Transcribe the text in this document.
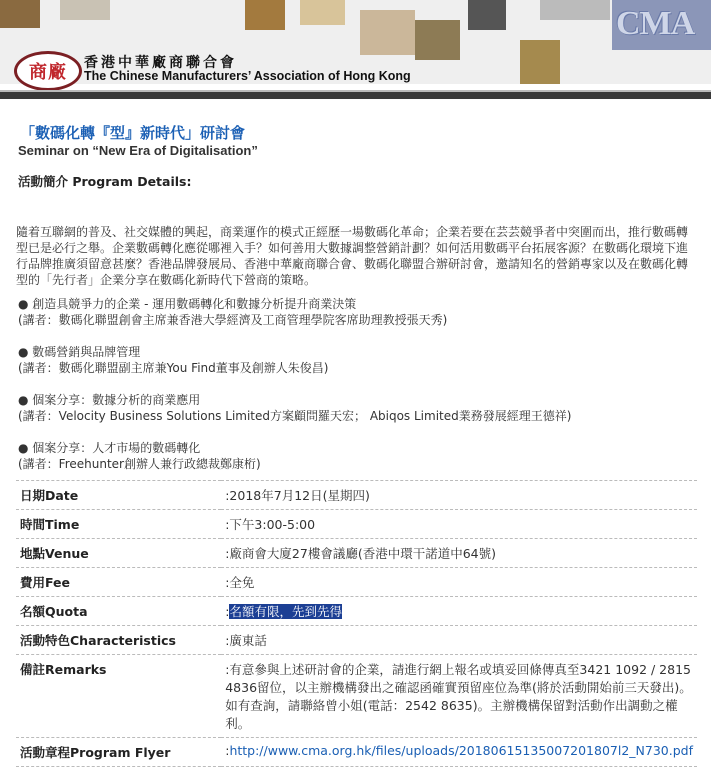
商廠	香港中華廠商聯合會
The Chinese Manufacturers’ Association of Hong Kong
CMA
「數碼化轉『型』新時代」研討會
Seminar on “New Era of Digitalisation”
活動簡介 Program Details:
隨着互聯網的普及、社交媒體的興起，商業運作的模式正經歷一場數碼化革命；企業若要在芸芸競爭者中突圍而出，推行數碼轉型已是必行之舉。企業數碼轉化應從哪裡入手？如何善用大數據調整營銷計劃？如何活用數碼平台拓展客源？在數碼化環境下進行品牌推廣須留意甚麼？香港品牌發展局、香港中華廠商聯合會、數碼化聯盟合辦研討會，邀請知名的營銷專家以及在數碼化轉型的「先行者」企業分享在數碼化新時代下營商的策略。
● 創造具競爭力的企業 - 運用數碼轉化和數據分析提升商業決策
(講者：數碼化聯盟創會主席兼香港大學經濟及工商管理學院客席助理教授張天秀)
● 數碼營銷與品牌管理
(講者：數碼化聯盟副主席兼You Find董事及創辦人朱俊昌)
● 個案分享：數據分析的商業應用
(講者：Velocity Business Solutions Limited方案顧問羅天宏； Abiqos Limited業務發展經理王德祥)
● 個案分享：人才市場的數碼轉化
(講者：Freehunter創辦人兼行政總裁鄭康桁)
日期Date	:2018年7月12日(星期四)
時間Time	:下午3:00-5:00
地點Venue	:廠商會大廈27樓會議廳(香港中環干諾道中64號)
費用Fee	:全免
名額Quota	:名額有限，先到先得
活動特色Characteristics	:廣東話
備註Remarks	:有意參與上述研討會的企業，請進行網上報名或填妥回條傳真至3421 1092 / 2815 4836留位，以主辦機構發出之確認函確實預留座位為準(將於活動開始前三天發出)。如有查詢，請聯絡曾小姐(電話：2542 8635)。主辦機構保留對活動作出調動之權利。
活動章程Program Flyer	:http://www.cma.org.hk/files/uploads/20180615135007201807l2_N730.pdf
